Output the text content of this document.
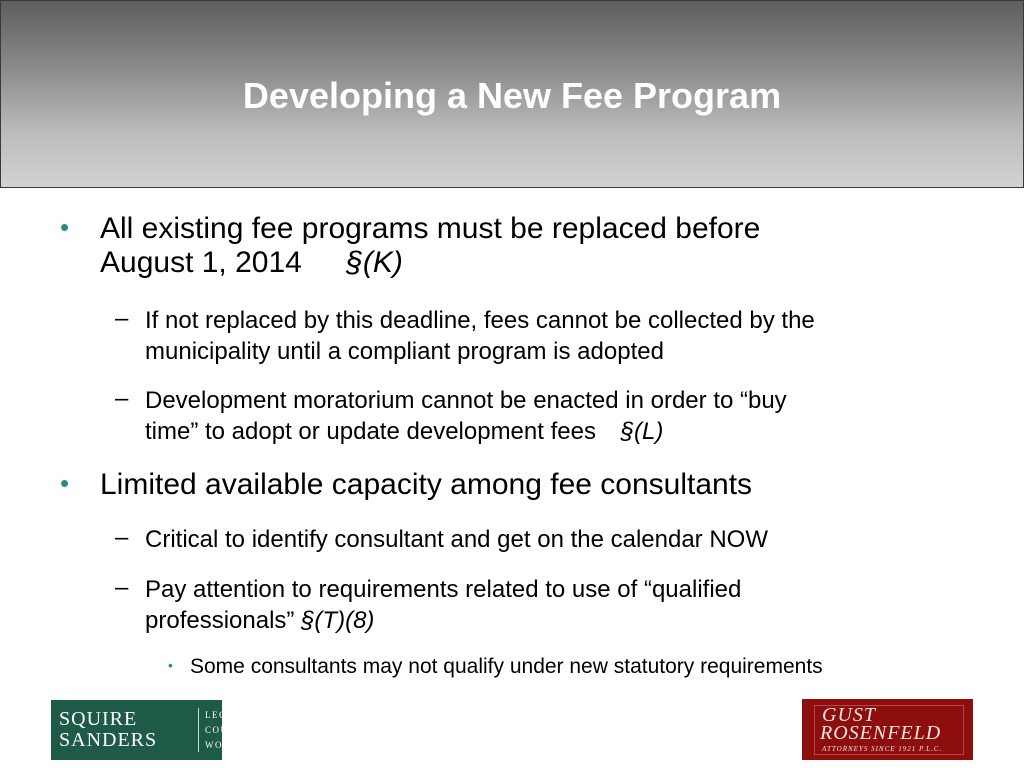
Developing a New Fee Program
• All existing fee programs must be replaced before
August 1, 2014 §(K)
– If not replaced by this deadline, fees cannot be collected by the
municipality until a compliant program is adopted
– Development moratorium cannot be enacted in order to “buy
time” to adopt or update development fees §(L)
• Limited available capacity among fee consultants
– Critical to identify consultant and get on the calendar NOW
– Pay attention to requirements related to use of “qualified
professionals” §(T)(8)
• Some consultants may not qualify under new statutory requirements
SQUIRE
SANDERS
LEGAL
COUNSEL
WORLDWIDE
GUST
ROSENFELD
ATTORNEYS SINCE 1921 P.L.C.
